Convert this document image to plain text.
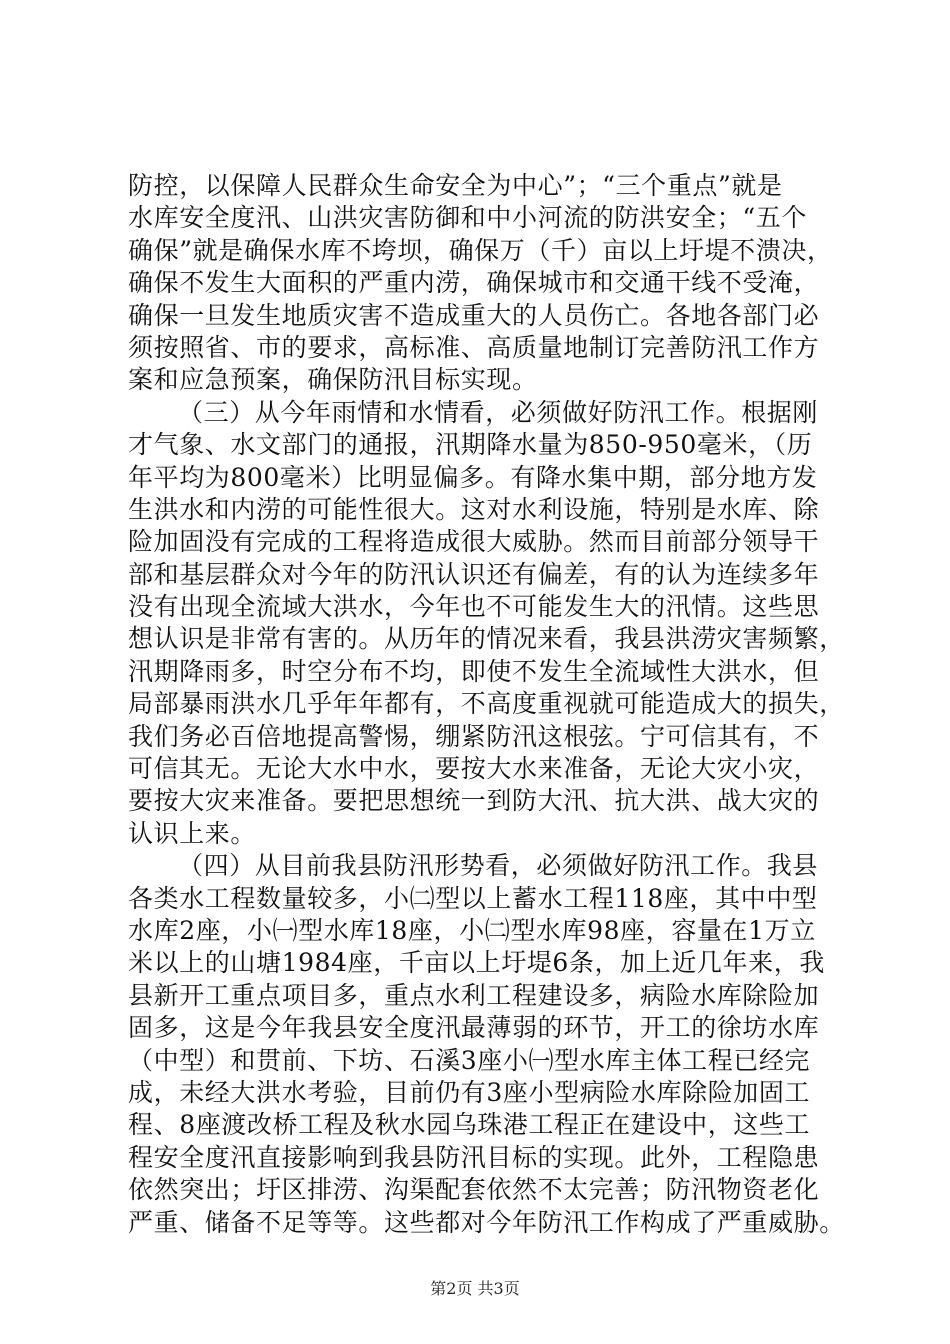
防控，以保障人民群众生命安全为中心”；“三个重点”就是
水库安全度汛、山洪灾害防御和中小河流的防洪安全；“五个
确保”就是确保水库不垮坝，确保万（千）亩以上圩堤不溃决，
确保不发生大面积的严重内涝，确保城市和交通干线不受淹，
确保一旦发生地质灾害不造成重大的人员伤亡。各地各部门必
须按照省、市的要求，高标准、高质量地制订完善防汛工作方
案和应急预案，确保防汛目标实现。
（三）从今年雨情和水情看，必须做好防汛工作。根据刚
才气象、水文部门的通报，汛期降水量为850-950毫米，（历
年平均为800毫米）比明显偏多。有降水集中期，部分地方发
生洪水和内涝的可能性很大。这对水利设施，特别是水库、除
险加固没有完成的工程将造成很大威胁。然而目前部分领导干
部和基层群众对今年的防汛认识还有偏差，有的认为连续多年
没有出现全流域大洪水，今年也不可能发生大的汛情。这些思
想认识是非常有害的。从历年的情况来看，我县洪涝灾害频繁，
汛期降雨多，时空分布不均，即使不发生全流域性大洪水，但
局部暴雨洪水几乎年年都有，不高度重视就可能造成大的损失，
我们务必百倍地提高警惕，绷紧防汛这根弦。宁可信其有，不
可信其无。无论大水中水，要按大水来准备，无论大灾小灾，
要按大灾来准备。要把思想统一到防大汛、抗大洪、战大灾的
认识上来。
（四）从目前我县防汛形势看，必须做好防汛工作。我县
各类水工程数量较多，小㈡型以上蓄水工程118座，其中中型
水库2座，小㈠型水库18座，小㈡型水库98座，容量在1万立
米以上的山塘1984座，千亩以上圩堤6条，加上近几年来，我
县新开工重点项目多，重点水利工程建设多，病险水库除险加
固多，这是今年我县安全度汛最薄弱的环节，开工的徐坊水库
（中型）和贯前、下坊、石溪3座小㈠型水库主体工程已经完
成，未经大洪水考验，目前仍有3座小型病险水库除险加固工
程、8座渡改桥工程及秋水园乌珠港工程正在建设中，这些工
程安全度汛直接影响到我县防汛目标的实现。此外，工程隐患
依然突出；圩区排涝、沟渠配套依然不太完善；防汛物资老化
严重、储备不足等等。这些都对今年防汛工作构成了严重威胁。
第2页 共3页
